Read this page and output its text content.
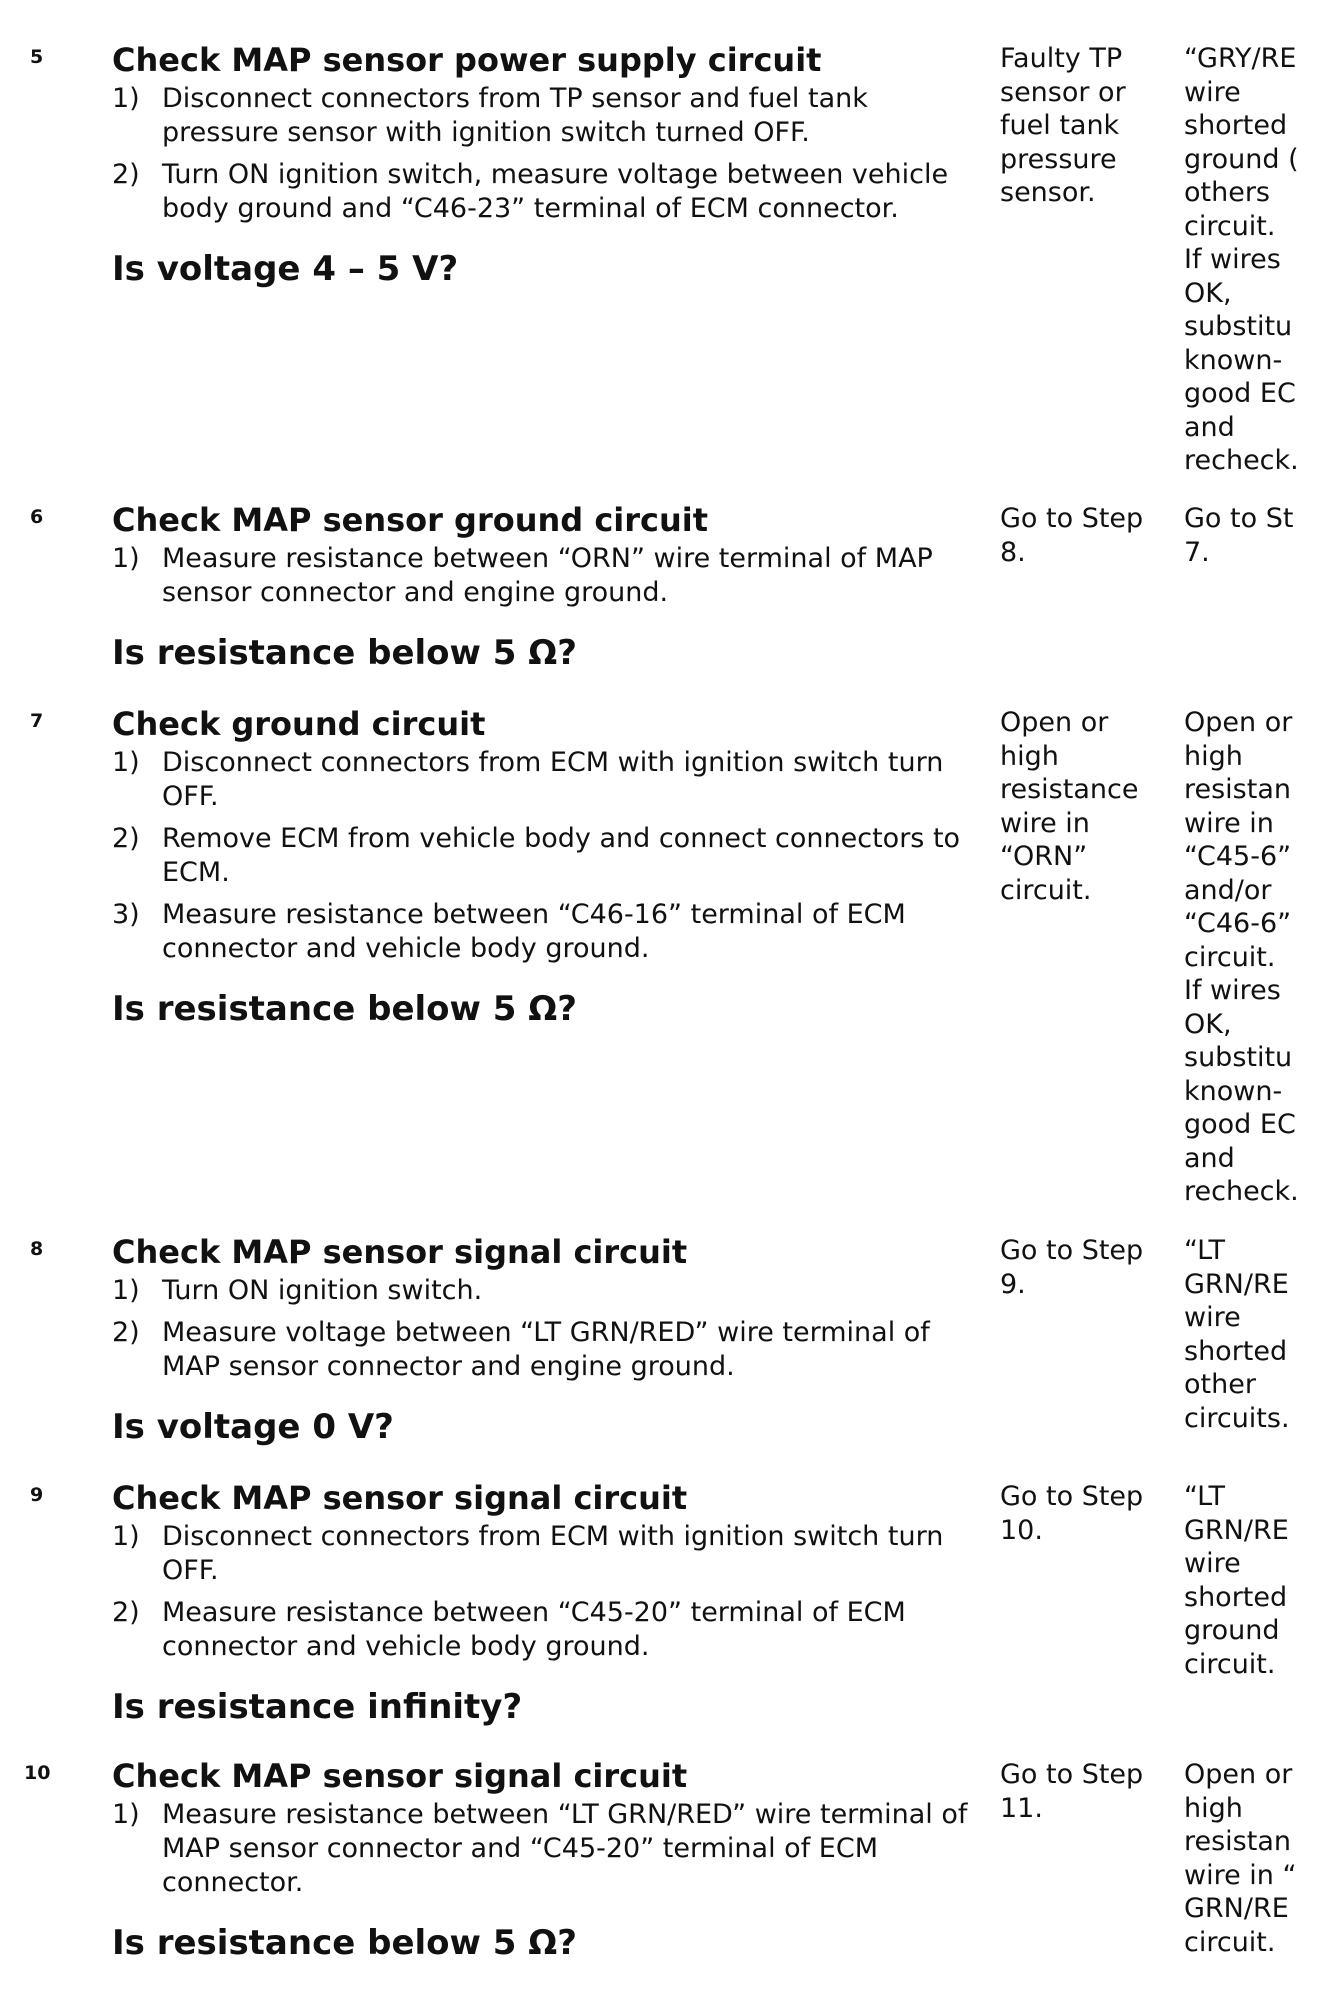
5 Check MAP sensor power supply circuit
1) Disconnect connectors from TP sensor and fuel tank pressure sensor with ignition switch turned OFF.
2) Turn ON ignition switch, measure voltage between vehicle body ground and “C46-23” terminal of ECM connector.
Is voltage 4 – 5 V?
Faulty TP
sensor or
fuel tank
pressure
sensor.
“GRY/RE
wire
shorted
ground (
others
circuit.
If wires
OK,
substitu
known-
good EC
and
recheck.
6 Check MAP sensor ground circuit
1) Measure resistance between “ORN” wire terminal of MAP sensor connector and engine ground.
Is resistance below 5 Ω?
Go to Step
8.
Go to St
7.
7 Check ground circuit
1) Disconnect connectors from ECM with ignition switch turn OFF.
2) Remove ECM from vehicle body and connect connectors to ECM.
3) Measure resistance between “C46-16” terminal of ECM connector and vehicle body ground.
Is resistance below 5 Ω?
Open or
high
resistance
wire in
“ORN”
circuit.
Open or
high
resistan
wire in
“C45-6”
and/or
“C46-6”
circuit.
If wires
OK,
substitu
known-
good EC
and
recheck.
8 Check MAP sensor signal circuit
1) Turn ON ignition switch.
2) Measure voltage between “LT GRN/RED” wire terminal of MAP sensor connector and engine ground.
Is voltage 0 V?
Go to Step
9.
“LT
GRN/RE
wire
shorted
other
circuits.
9 Check MAP sensor signal circuit
1) Disconnect connectors from ECM with ignition switch turn OFF.
2) Measure resistance between “C45-20” terminal of ECM connector and vehicle body ground.
Is resistance infinity?
Go to Step
10.
“LT
GRN/RE
wire
shorted
ground
circuit.
10 Check MAP sensor signal circuit
1) Measure resistance between “LT GRN/RED” wire terminal of MAP sensor connector and “C45-20” terminal of ECM connector.
Is resistance below 5 Ω?
Go to Step
11.
Open or
high
resistan
wire in “
GRN/RE
circuit.
